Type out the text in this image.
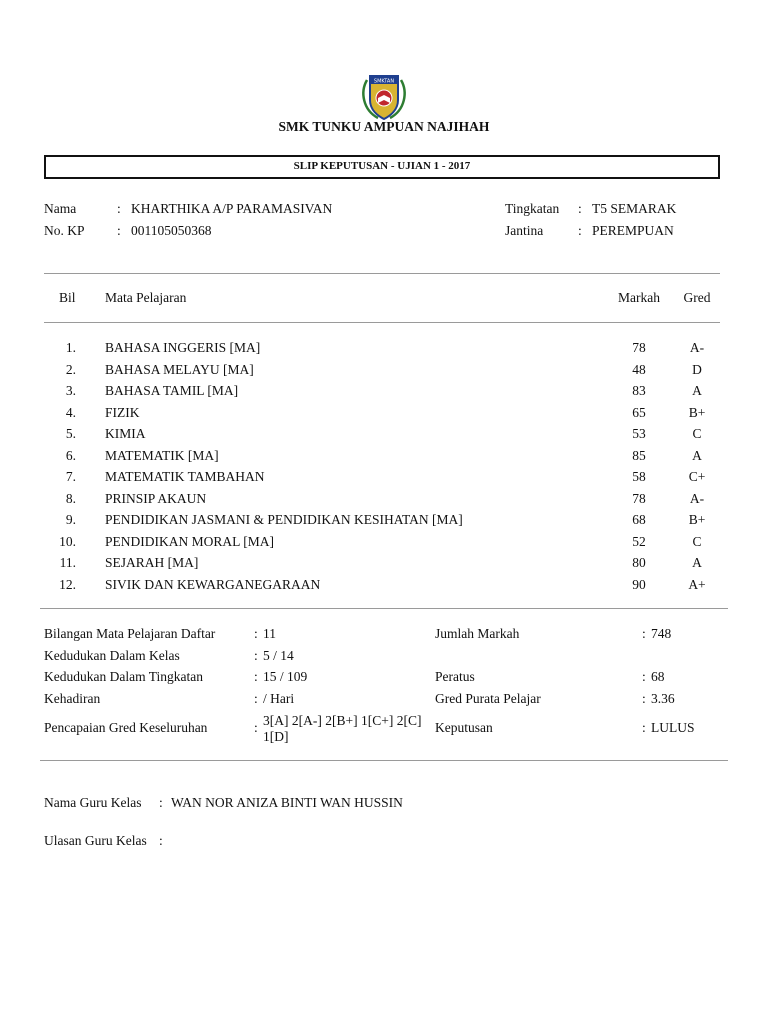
SMKTAN
SMK TUNKU AMPUAN NAJIHAH
SLIP KEPUTUSAN - UJIAN 1 - 2017
Nama	: KHARTHIKA A/P PARAMASIVAN
No. KP : 001105050368
Tingkatan : T5 SEMARAK
Jantina	: PEREMPUAN
Bil Mata Pelajaran	Markah	Gred
1. BAHASA INGGERIS [MA]	78	A-
2. BAHASA MELAYU [MA]	48	D
3. BAHASA TAMIL [MA]	83	A
4. FIZIK	65	B+
5. KIMIA	53	C
6. MATEMATIK [MA]	85	A
7. MATEMATIK TAMBAHAN	58	C+
8. PRINSIP AKAUN	78	A-
9. PENDIDIKAN JASMANI & PENDIDIKAN KESIHATAN [MA]	68	B+
10. PENDIDIKAN MORAL [MA]	52	C
11. SEJARAH [MA]	80	A
12. SIVIK DAN KEWARGANEGARAAN	90	A+
Bilangan Mata Pelajaran Daftar	: 11
Kedudukan Dalam Kelas	: 5 / 14
Kedudukan Dalam Tingkatan	: 15 / 109
Kehadiran	: / Hari
Pencapaian Gred Keseluruhan	: 3[A] 2[A-] 2[B+] 1[C+] 2[C]
1[D]
Jumlah Markah	: 748
Peratus	: 68
Gred Purata Pelajar	: 3.36
Keputusan	: LULUS
Nama Guru Kelas : WAN NOR ANIZA BINTI WAN HUSSIN
Ulasan Guru Kelas :
